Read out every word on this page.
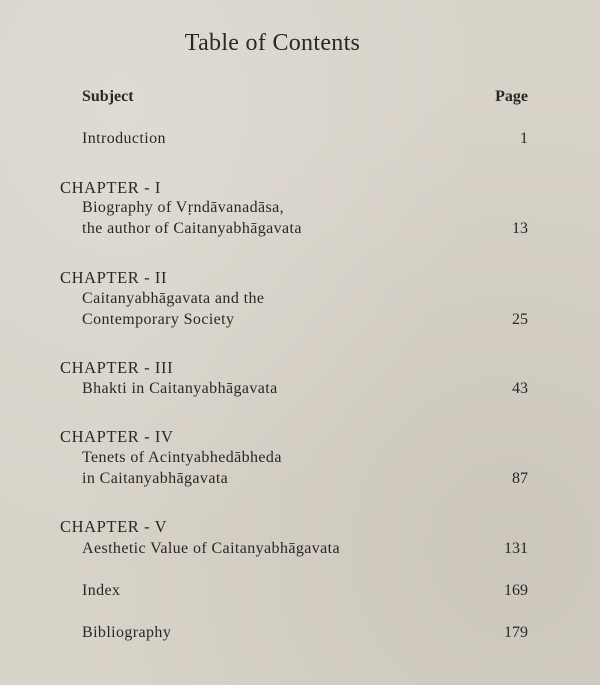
Table of Contents
Subject	Page
Introduction	1
CHAPTER - I
Biography of Vṛndāvanadāsa,
the author of Caitanyabhāgavata	13
CHAPTER - II
Caitanyabhāgavata and the
Contemporary Society	25
CHAPTER - III
Bhakti in Caitanyabhāgavata	43
CHAPTER - IV
Tenets of Acintyabhedābheda
in Caitanyabhāgavata	87
CHAPTER - V
Aesthetic Value of Caitanyabhāgavata	131
Index	169
Bibliography	179
